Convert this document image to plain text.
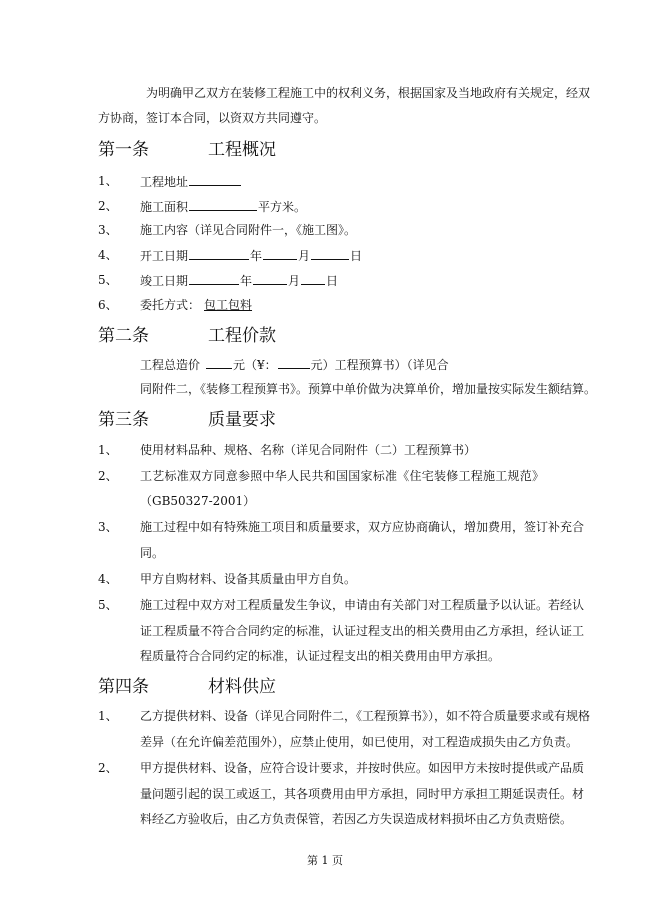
为明确甲乙双方在装修工程施工中的权利义务，根据国家及当地政府有关规定，经双
方协商，签订本合同，以资双方共同遵守。
第一条	工程概况
1、 工程地址
2、 施工面积	平方米。
3、 施工内容（详见合同附件一，《施工图》。
4、 开工日期	年	月	日
5、 竣工日期	年	月 日
6、 委托方式： 包工包料
第二条	工程价款
工程总造价	元（¥：	元）工程预算书）（详见合
同附件二，《装修工程预算书》。预算中单价做为决算单价，增加量按实际发生额结算。
第三条	质量要求
1、 使用材料品种、规格、名称（详见合同附件（二）工程预算书）
2、 工艺标准双方同意参照中华人民共和国国家标准《住宅装修工程施工规范》
（GB50327-2001）
3、 施工过程中如有特殊施工项目和质量要求，双方应协商确认，增加费用，签订补充合
同。
4、 甲方自购材料、设备其质量由甲方自负。
5、 施工过程中双方对工程质量发生争议，申请由有关部门对工程质量予以认证。若经认
证工程质量不符合合同约定的标准，认证过程支出的相关费用由乙方承担，经认证工
程质量符合合同约定的标准，认证过程支出的相关费用由甲方承担。
第四条	材料供应
1、 乙方提供材料、设备（详见合同附件二，《工程预算书》），如不符合质量要求或有规格
差异（在允许偏差范围外），应禁止使用，如已使用，对工程造成损失由乙方负责。
2、 甲方提供材料、设备，应符合设计要求，并按时供应。如因甲方未按时提供或产品质
量问题引起的误工或返工，其各项费用由甲方承担，同时甲方承担工期延误责任。材
料经乙方验收后，由乙方负责保管，若因乙方失误造成材料损坏由乙方负责赔偿。
第 1 页
